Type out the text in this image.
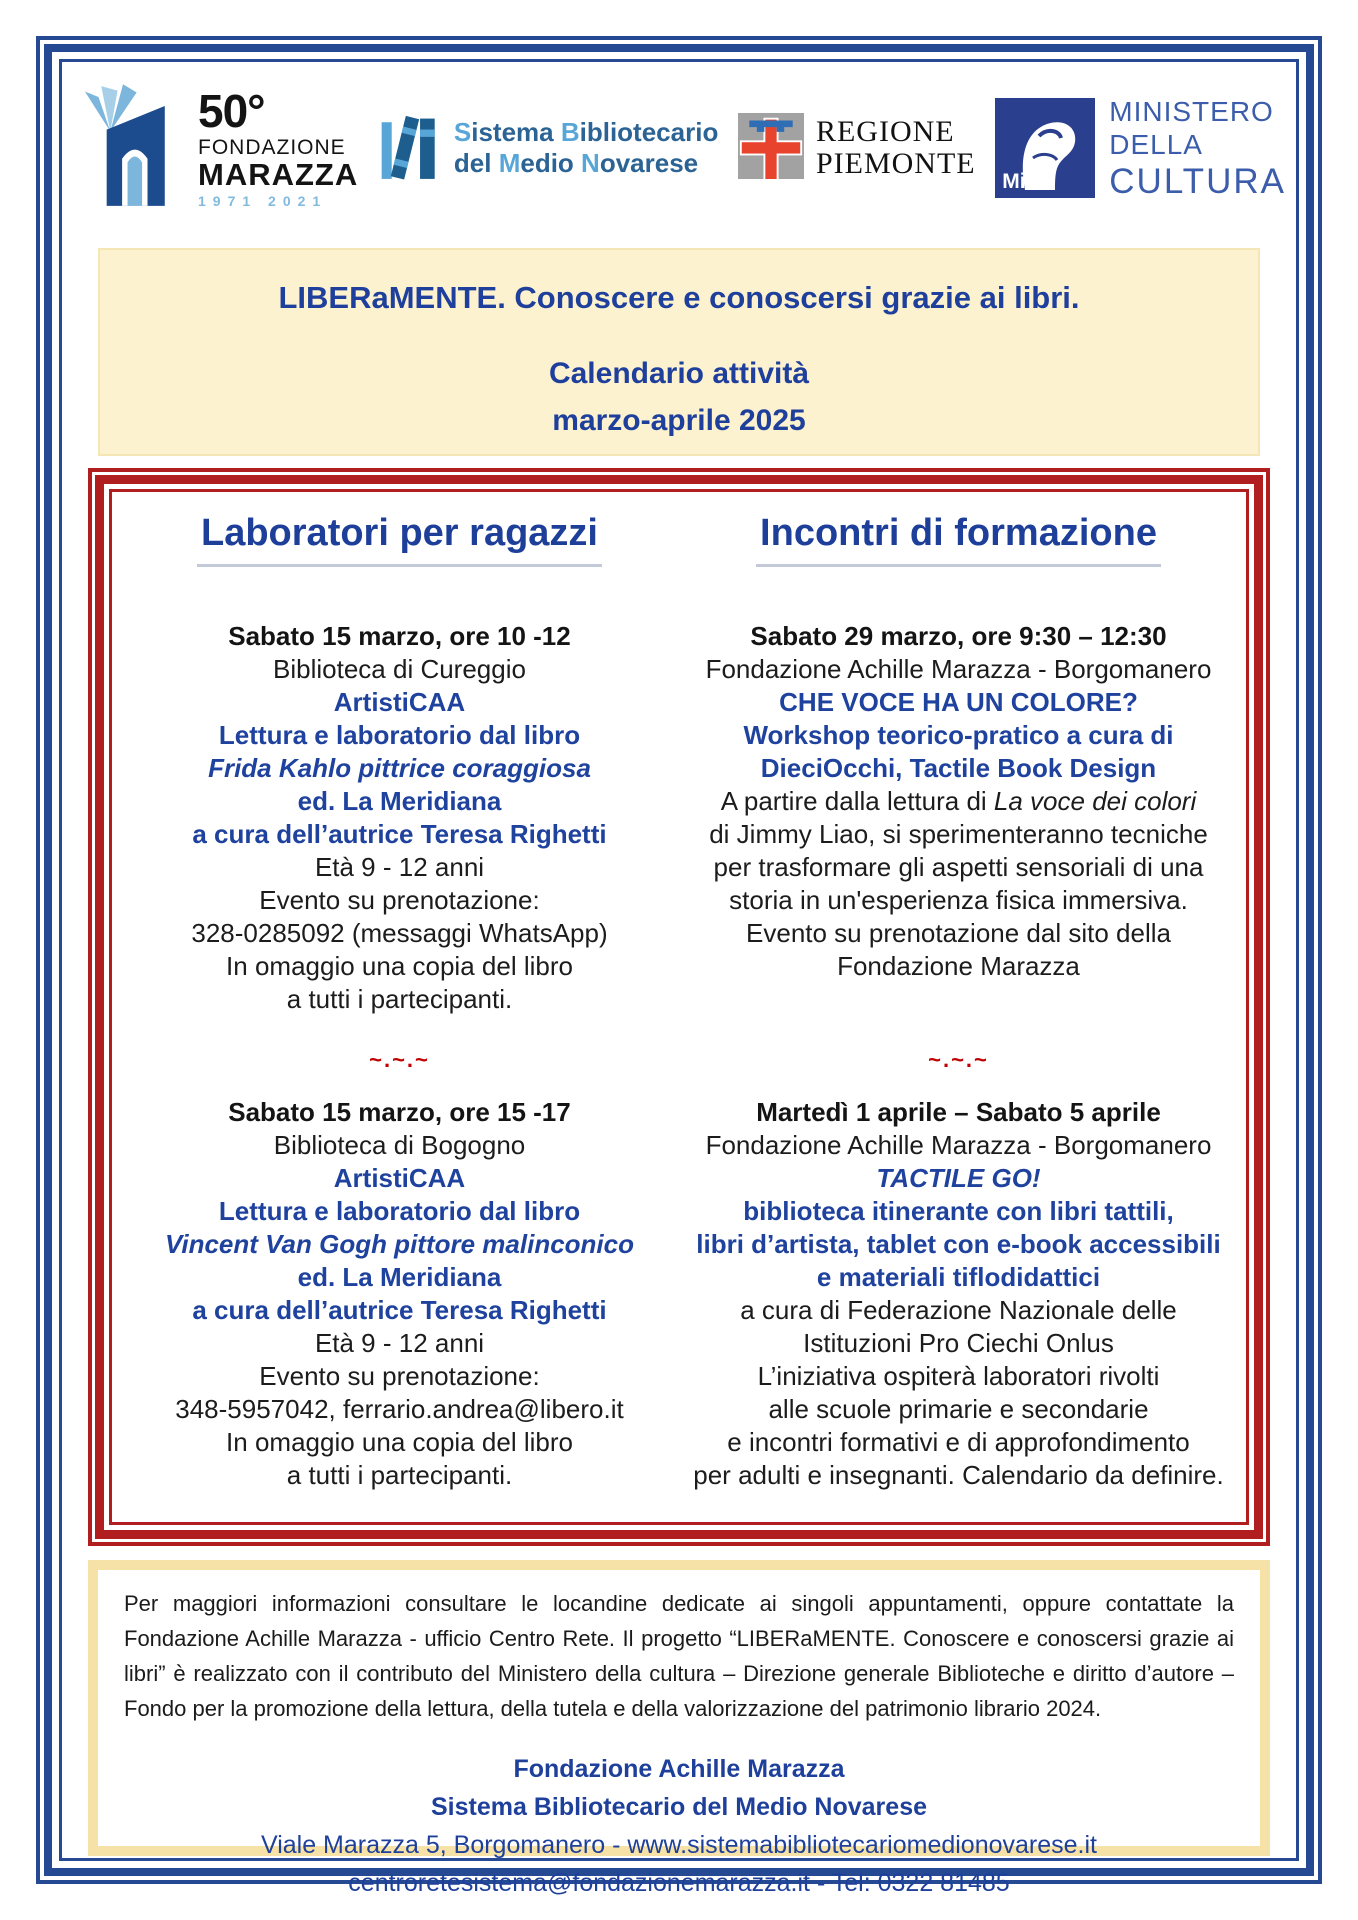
50°
FONDAZIONE
MARAZZA
1971 2021
Sistema Bibliotecario
del Medio Novarese
REGIONE
PIEMONTE
MiC
MINISTERO
DELLA
CULTURA
LIBERaMENTE. Conoscere e conoscersi grazie ai libri.
Calendario attività
marzo-aprile 2025
Laboratori per ragazzi
Sabato 15 marzo, ore 10 -12
Biblioteca di Cureggio
ArtistiCAA
Lettura e laboratorio dal libro
Frida Kahlo pittrice coraggiosa
ed. La Meridiana
a cura dell’autrice Teresa Righetti
Età 9 - 12 anni
Evento su prenotazione:
328-0285092 (messaggi WhatsApp)
In omaggio una copia del libro
a tutti i partecipanti.
~.~.~
Sabato 15 marzo, ore 15 -17
Biblioteca di Bogogno
ArtistiCAA
Lettura e laboratorio dal libro
Vincent Van Gogh pittore malinconico
ed. La Meridiana
a cura dell’autrice Teresa Righetti
Età 9 - 12 anni
Evento su prenotazione:
348-5957042, ferrario.andrea@libero.it
In omaggio una copia del libro
a tutti i partecipanti.
Incontri di formazione
Sabato 29 marzo, ore 9:30 – 12:30
Fondazione Achille Marazza - Borgomanero
CHE VOCE HA UN COLORE?
Workshop teorico-pratico a cura di
DieciOcchi, Tactile Book Design
A partire dalla lettura di La voce dei colori
di Jimmy Liao, si sperimenteranno tecniche
per trasformare gli aspetti sensoriali di una
storia in un'esperienza fisica immersiva.
Evento su prenotazione dal sito della
Fondazione Marazza
~.~.~
Martedì 1 aprile – Sabato 5 aprile
Fondazione Achille Marazza - Borgomanero
TACTILE GO!
biblioteca itinerante con libri tattili,
libri d’artista, tablet con e-book accessibili
e materiali tiflodidattici
a cura di Federazione Nazionale delle
Istituzioni Pro Ciechi Onlus
L’iniziativa ospiterà laboratori rivolti
alle scuole primarie e secondarie
e incontri formativi e di approfondimento
per adulti e insegnanti. Calendario da definire.
Per maggiori informazioni consultare le locandine dedicate ai singoli appuntamenti, oppure contattate la Fondazione Achille Marazza - ufficio Centro Rete. Il progetto “LIBERaMENTE. Conoscere e conoscersi grazie ai libri” è realizzato con il contributo del Ministero della cultura – Direzione generale Biblioteche e diritto d’autore – Fondo per la promozione della lettura, della tutela e della valorizzazione del patrimonio librario 2024.
Fondazione Achille Marazza
Sistema Bibliotecario del Medio Novarese
Viale Marazza 5, Borgomanero - www.sistemabibliotecariomedionovarese.it
centroretesistema@fondazionemarazza.it - Tel: 0322 81485
